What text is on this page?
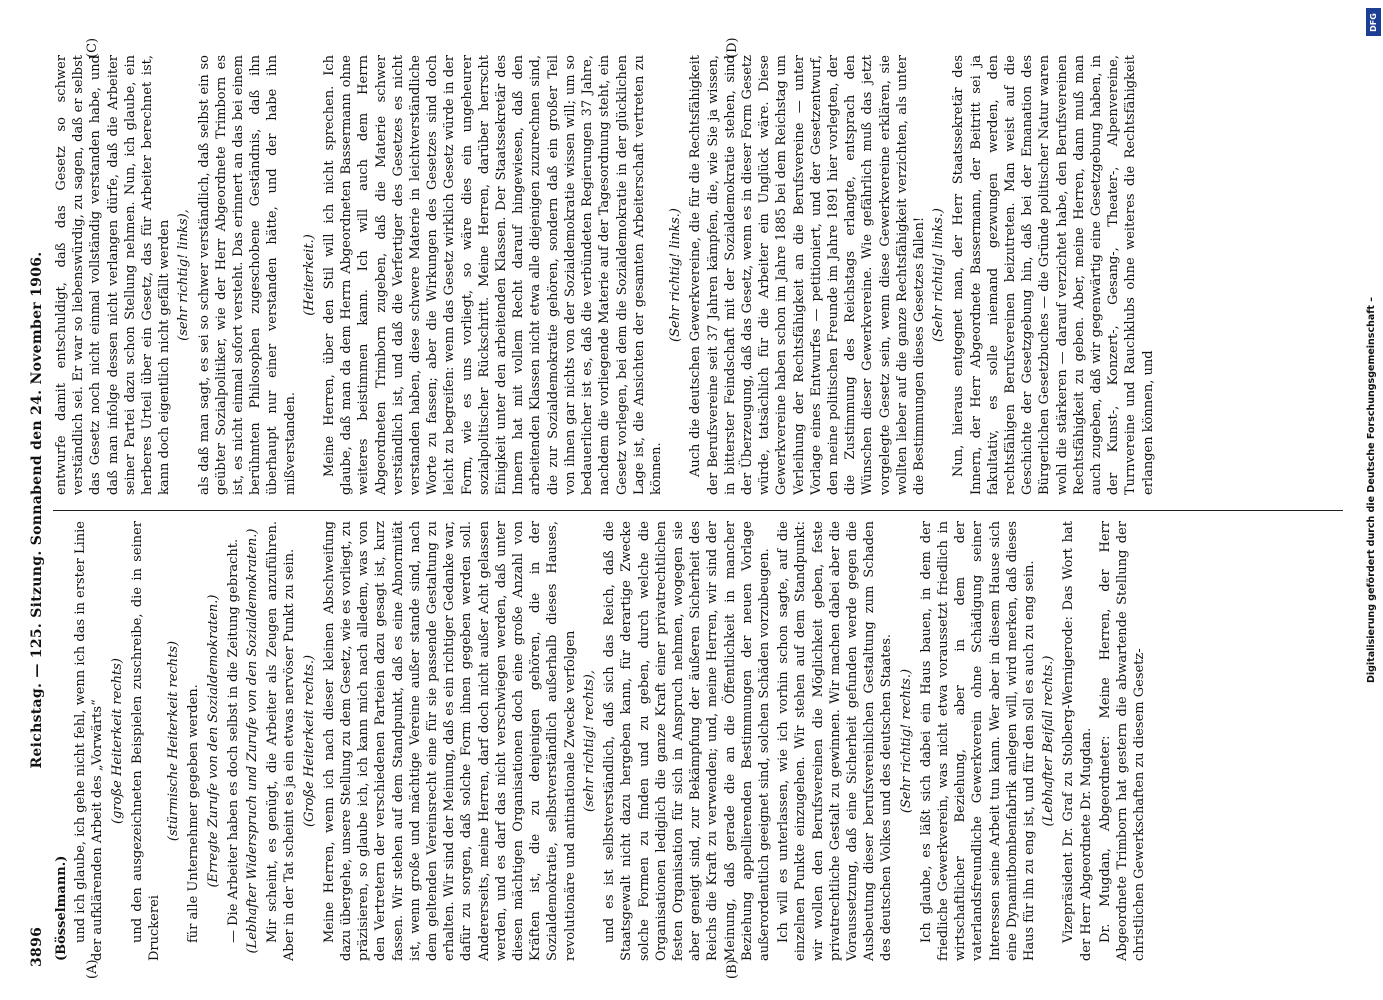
3896
Reichstag. — 125. Sitzung. Sonnabend den 24. November 1906.

(Bösselmann.) und ich glaube, ich gehe nicht fehl, wenn ich das in erster Linie der aufklärenden Arbeit des „Vorwärts“ (große Heiterkeit rechts) und den ausgezeichneten Beispielen zuschreibe, die in seiner Druckerei

(stürmische Heiterkeit rechts) für alle Unternehmer gegeben werden. (Erregte Zurufe von den Sozialdemokraten.) — Die Arbeiter haben es doch selbst in die Zeitung gebracht. (Lebhafter Widerspruch und Zurufe von den Sozialdemokraten.) Mir scheint, es genügt, die Arbeiter als Zeugen anzuführen. Aber in der Tat scheint es ja ein etwas nervöser Punkt zu sein. (Große Heiterkeit rechts.) Meine Herren, wenn ich nach dieser kleinen Abschweifung dazu übergehe, unsere Stellung zu dem Gesetz, wie es vorliegt, zu präzisieren, so glaube ich, ich kann mich nach alledem, was von den Vertretern der verschiedenen Parteien dazu gesagt ist, kurz fassen. Wir stehen auf dem Standpunkt, daß es eine Abnormität ist, wenn große und mächtige Vereine außer stande sind, nach dem geltenden Vereinsrecht eine für sie passende Gestaltung zu erhalten. Wir sind der Meinung, daß es ein richtiger Gedanke war, dafür zu sorgen, daß solche Form ihnen gegeben werden soll. Andererseits, meine Herren, darf doch nicht außer Acht gelassen werden, und es darf das nicht verschwiegen werden, daß unter diesen mächtigen Organisationen doch eine große Anzahl von Kräften ist, die zu denjenigen gehören, die in der Sozialdemokratie, selbstverständlich außerhalb dieses Hauses, revolutionäre und antinationale Zwecke verfolgen (sehr richtig! rechts), und es ist selbstverständlich, daß sich das Reich, daß die Staatsgewalt nicht dazu hergeben kann, für derartige Zwecke solche Formen zu finden und zu geben, durch welche die Organisationen lediglich die ganze Kraft einer privatrechtlichen festen Organisation für sich in Anspruch nehmen, wogegen sie aber geneigt sind, zur Bekämpfung der äußeren Sicherheit des Reichs die Kraft zu verwenden; und, meine Herren, wir sind der Meinung, daß gerade die an die Öffentlichkeit in mancher Beziehung appellierenden Bestimmungen der neuen Vorlage außerordentlich geeignet sind, solchen Schäden vorzubeugen. Ich will es unterlassen, wie ich vorhin schon sagte, auf die einzelnen Punkte einzugehen. Wir stehen auf dem Standpunkt: wir wollen den Berufsvereinen die Möglichkeit geben, feste privatrechtliche Gestalt zu gewinnen. Wir machen dabei aber die Voraussetzung, daß eine Sicherheit gefunden werde gegen die Ausbeutung dieser berufsvereinlichen Gestaltung zum Schaden des deutschen Volkes und des deutschen Staates. (Sehr richtig! rechts.) Ich glaube, es läßt sich dabei ein Haus bauen, in dem der friedliche Gewerkverein, was nicht etwa voraussetzt friedlich in wirtschaftlicher Beziehung, aber in dem der vaterlandsfreundliche Gewerkverein ohne Schädigung seiner Interessen seine Arbeit tun kann. Wer aber in diesem Hause sich eine Dynamitbombenfabrik anlegen will, wird merken, daß dieses Haus für ihn zu eng ist, und für den soll es auch zu eng sein. (Lebhafter Beifall rechts.) Vizepräsident Dr. Graf zu Stolberg-Wernigerode: Das Wort hat der Herr Abgeordnete Dr. Mugdan. Dr. Mugdan, Abgeordneter: Meine Herren, der Herr Abgeordnete Trimborn hat gestern die abwartende Stellung der christlichen Gewerkschaften zu diesem Gesetz-

entwurfe damit entschuldigt, daß das Gesetz so schwer verständlich sei. Er war so liebenswürdig, zu sagen, daß er selbst das Gesetz noch nicht einmal vollständig verstanden habe, und daß man infolge dessen nicht verlangen dürfe, daß die Arbeiter seiner Partei dazu schon Stellung nehmen. Nun, ich glaube, ein herberes Urteil über ein Gesetz, das für Arbeiter berechnet ist, kann doch eigentlich nicht gefällt werden (sehr richtig! links), als daß man sagt, es sei so schwer verständlich, daß selbst ein so geübter Sozialpolitiker, wie der Herr Abgeordnete Trimborn es ist, es nicht einmal sofort versteht. Das erinnert an das bei einem berühmten Philosophen zugeschobene Geständnis, daß ihn überhaupt nur einer verstanden hätte, und der habe ihn mißverstanden.

(Heiterkeit.) Meine Herren, über den Stil will ich nicht sprechen. Ich glaube, daß man da dem Herrn Abgeordneten Bassermann ohne weiteres beistimmen kann. Ich will auch dem Herrn Abgeordneten Trimborn zugeben, daß die Materie schwer verständlich ist, und daß die Verfertiger des Gesetzes es nicht verstanden haben, diese schwere Materie in leichtverständliche Worte zu fassen; aber die Wirkungen des Gesetzes sind doch leicht zu begreifen: wenn das Gesetz wirklich Gesetz würde in der Form, wie es uns vorliegt, so wäre dies ein ungeheurer sozialpolitischer Rückschritt. Meine Herren, darüber herrscht Einigkeit unter den arbeitenden Klassen. Der Staatssekretär des Innern hat mit vollem Recht darauf hingewiesen, daß den arbeitenden Klassen nicht etwa alle diejenigen zuzurechnen sind, die zur Sozialdemokratie gehören, sondern daß ein großer Teil von ihnen gar nichts von der Sozialdemokratie wissen will; um so bedauerlicher ist es, daß die verbündeten Regierungen 37 Jahre, nachdem die vorliegende Materie auf der Tagesordnung steht, ein Gesetz vorlegen, bei dem die Sozialdemokratie in der glücklichen Lage ist, die Ansichten der gesamten Arbeiterschaft vertreten zu können.

(Sehr richtig! links.) Auch die deutschen Gewerkvereine, die für die Rechtsfähigkeit der Berufsvereine seit 37 Jahren kämpfen, die, wie Sie ja wissen, in bitterster Feindschaft mit der Sozialdemokratie stehen, sind der Überzeugung, daß das Gesetz, wenn es in dieser Form Gesetz würde, tatsächlich für die Arbeiter ein Unglück wäre. Diese Gewerkvereine haben schon im Jahre 1885 bei dem Reichstag um Verleihung der Rechtsfähigkeit an die Berufsvereine — unter Vorlage eines Entwurfes — petitioniert, und der Gesetzentwurf, den meine politischen Freunde im Jahre 1891 hier vorlegten, der die Zustimmung des Reichstags erlangte, entsprach den Wünschen dieser Gewerkvereine. Wie gefährlich muß das jetzt vorgelegte Gesetz sein, wenn diese Gewerkvereine erklären, sie wollten lieber auf die ganze Rechtsfähigkeit verzichten, als unter die Bestimmungen dieses Gesetzes fallen! (Sehr richtig! links.) Nun, hieraus entgegnet man, der Herr Staatssekretär des Innern, der Herr Abgeordnete Bassermann, der Beitritt sei ja fakultativ, es solle niemand gezwungen werden, den rechtsfähigen Berufsvereinen beizutreten. Man weist auf die Geschichte der Gesetzgebung hin, daß bei der Emanation des Bürgerlichen Gesetzbuches — die Gründe politischer Natur waren wohl die stärkeren — darauf verzichtet habe, den Berufsvereinen Rechtsfähigkeit zu geben. Aber, meine Herren, dann muß man auch zugeben, daß wir gegenwärtig eine Gesetzgebung haben, in der Kunst-, Konzert-, Gesang-, Theater-, Alpenvereine, Turnvereine und Rauchklubs ohne weiteres die Rechtsfähigkeit erlangen können, und

(A)	(B)
(C)	(D)
Digitalisierung gefördert durch die Deutsche Forschungsgemeinschaft –
DFG
